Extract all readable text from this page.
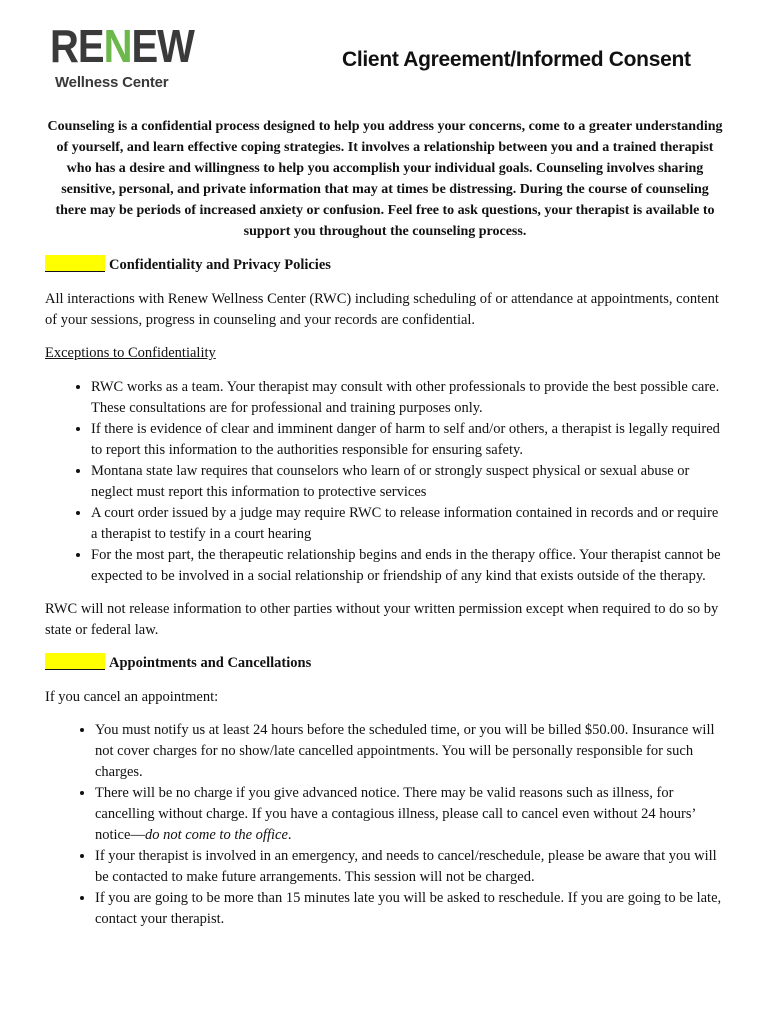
RE N EW
Wellness Center
Client Agreement/Informed Consent

Counseling is a confidential process designed to help you address your concerns, come to a greater understanding of yourself, and learn effective coping strategies. It involves a relationship between you and a trained therapist who has a desire and willingness to help you accomplish your individual goals. Counseling involves sharing sensitive, personal, and private information that may at times be distressing. During the course of counseling there may be periods of increased anxiety or confusion. Feel free to ask questions, your therapist is available to support you throughout the counseling process.

Confidentiality and Privacy Policies

All interactions with Renew Wellness Center (RWC) including scheduling of or attendance at appointments, content of your sessions, progress in counseling and your records are confidential.

Exceptions to Confidentiality
• RWC works as a team. Your therapist may consult with other professionals to provide the best possible care. These consultations are for professional and training purposes only.
• If there is evidence of clear and imminent danger of harm to self and/or others, a therapist is legally required to report this information to the authorities responsible for ensuring safety.
• Montana state law requires that counselors who learn of or strongly suspect physical or sexual abuse or neglect must report this information to protective services
• A court order issued by a judge may require RWC to release information contained in records and or require a therapist to testify in a court hearing
• For the most part, the therapeutic relationship begins and ends in the therapy office. Your therapist cannot be expected to be involved in a social relationship or friendship of any kind that exists outside of the therapy.

RWC will not release information to other parties without your written permission except when required to do so by state or federal law.

Appointments and Cancellations

If you cancel an appointment:

• You must notify us at least 24 hours before the scheduled time, or you will be billed $50.00. Insurance will not cover charges for no show/late cancelled appointments. You will be personally responsible for such charges.
• There will be no charge if you give advanced notice. There may be valid reasons such as illness, for cancelling without charge. If you have a contagious illness, please call to cancel even without 24 hours’ notice—do not come to the office.
• If your therapist is involved in an emergency, and needs to cancel/reschedule, please be aware that you will be contacted to make future arrangements. This session will not be charged.
• If you are going to be more than 15 minutes late you will be asked to reschedule. If you are going to be late, contact your therapist.
